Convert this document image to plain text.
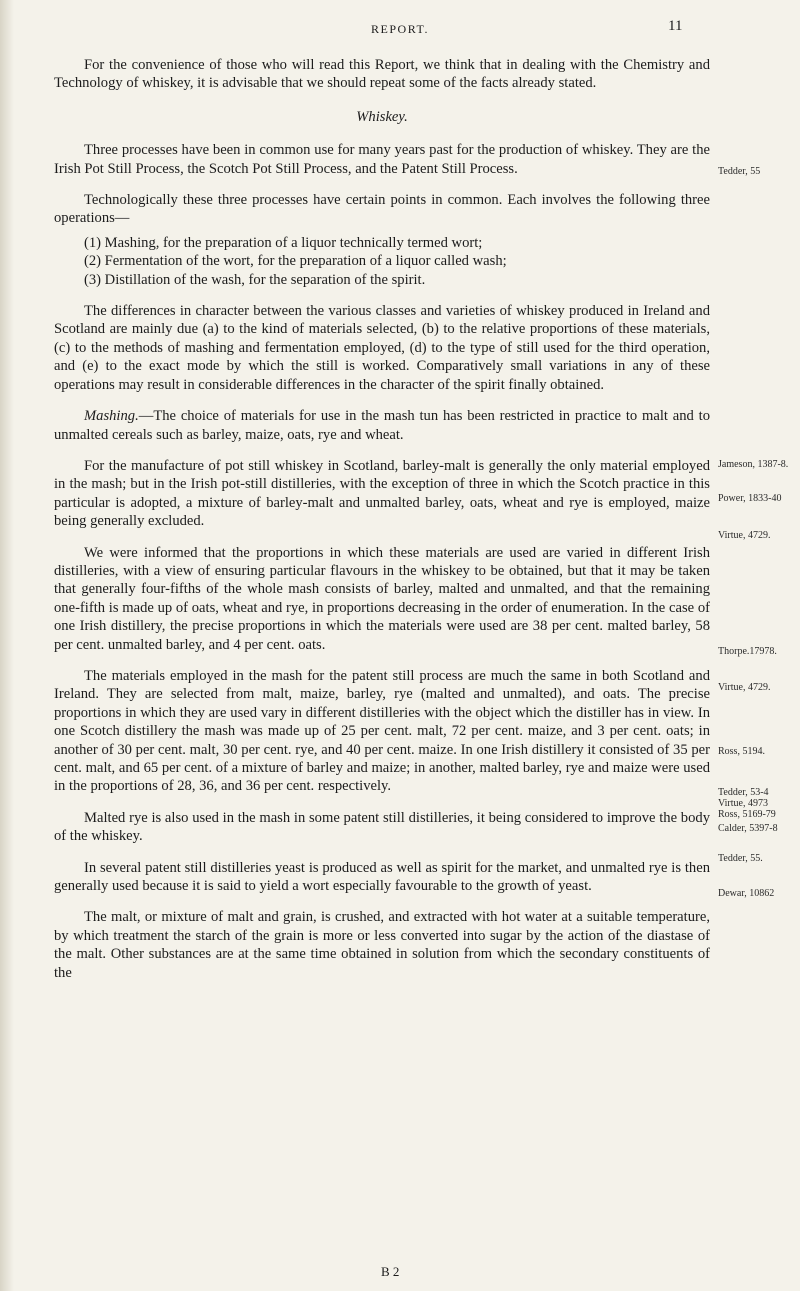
REPORT.	11

For the convenience of those who will read this Report, we think that in dealing with the Chemistry and Technology of whiskey, it is advisable that we should repeat some of the facts already stated.

Whiskey.

Three processes have been in common use for many years past for the production of whiskey. They are the Irish Pot Still Process, the Scotch Pot Still Process, and the Patent Still Process.

Technologically these three processes have certain points in common. Each involves the following three operations—

(1) Mashing, for the preparation of a liquor technically termed wort;
(2) Fermentation of the wort, for the preparation of a liquor called wash;
(3) Distillation of the wash, for the separation of the spirit.

The differences in character between the various classes and varieties of whiskey produced in Ireland and Scotland are mainly due (a) to the kind of materials selected, (b) to the relative proportions of these materials, (c) to the methods of mashing and fermentation employed, (d) to the type of still used for the third operation, and (e) to the exact mode by which the still is worked. Comparatively small variations in any of these operations may result in considerable differences in the character of the spirit finally obtained.

Mashing.—The choice of materials for use in the mash tun has been restricted in practice to malt and to unmalted cereals such as barley, maize, oats, rye and wheat.

For the manufacture of pot still whiskey in Scotland, barley-malt is generally the only material employed in the mash; but in the Irish pot-still distilleries, with the exception of three in which the Scotch practice in this particular is adopted, a mixture of barley-malt and unmalted barley, oats, wheat and rye is employed, maize being generally excluded.

We were informed that the proportions in which these materials are used are varied in different Irish distilleries, with a view of ensuring particular flavours in the whiskey to be obtained, but that it may be taken that generally four-fifths of the whole mash consists of barley, malted and unmalted, and that the remaining one-fifth is made up of oats, wheat and rye, in proportions decreasing in the order of enumeration. In the case of one Irish distillery, the precise proportions in which the materials were used are 38 per cent. malted barley, 58 per cent. unmalted barley, and 4 per cent. oats.

The materials employed in the mash for the patent still process are much the same in both Scotland and Ireland. They are selected from malt, maize, barley, rye (malted and unmalted), and oats. The precise proportions in which they are used vary in different distilleries with the object which the distiller has in view. In one Scotch distillery the mash was made up of 25 per cent. malt, 72 per cent. maize, and 3 per cent. oats; in another of 30 per cent. malt, 30 per cent. rye, and 40 per cent. maize. In one Irish distillery it consisted of 35 per cent. malt, and 65 per cent. of a mixture of barley and maize; in another, malted barley, rye and maize were used in the proportions of 28, 36, and 36 per cent. respectively.

Malted rye is also used in the mash in some patent still distilleries, it being considered to improve the body of the whiskey.

In several patent still distilleries yeast is produced as well as spirit for the market, and unmalted rye is then generally used because it is said to yield a wort especially favourable to the growth of yeast.

The malt, or mixture of malt and grain, is crushed, and extracted with hot water at a suitable temperature, by which treatment the starch of the grain is more or less converted into sugar by the action of the diastase of the malt. Other substances are at the same time obtained in solution from which the secondary constituents of the

Tedder, 55
Jameson, 1387-8.
Power, 1833-40
Virtue, 4729.
Thorpe.17978.
Virtue, 4729.
Ross, 5194.
Tedder, 53-4
Virtue, 4973
Ross, 5169-79
Calder, 5397-8
Tedder, 55.
Dewar, 10862
B 2
